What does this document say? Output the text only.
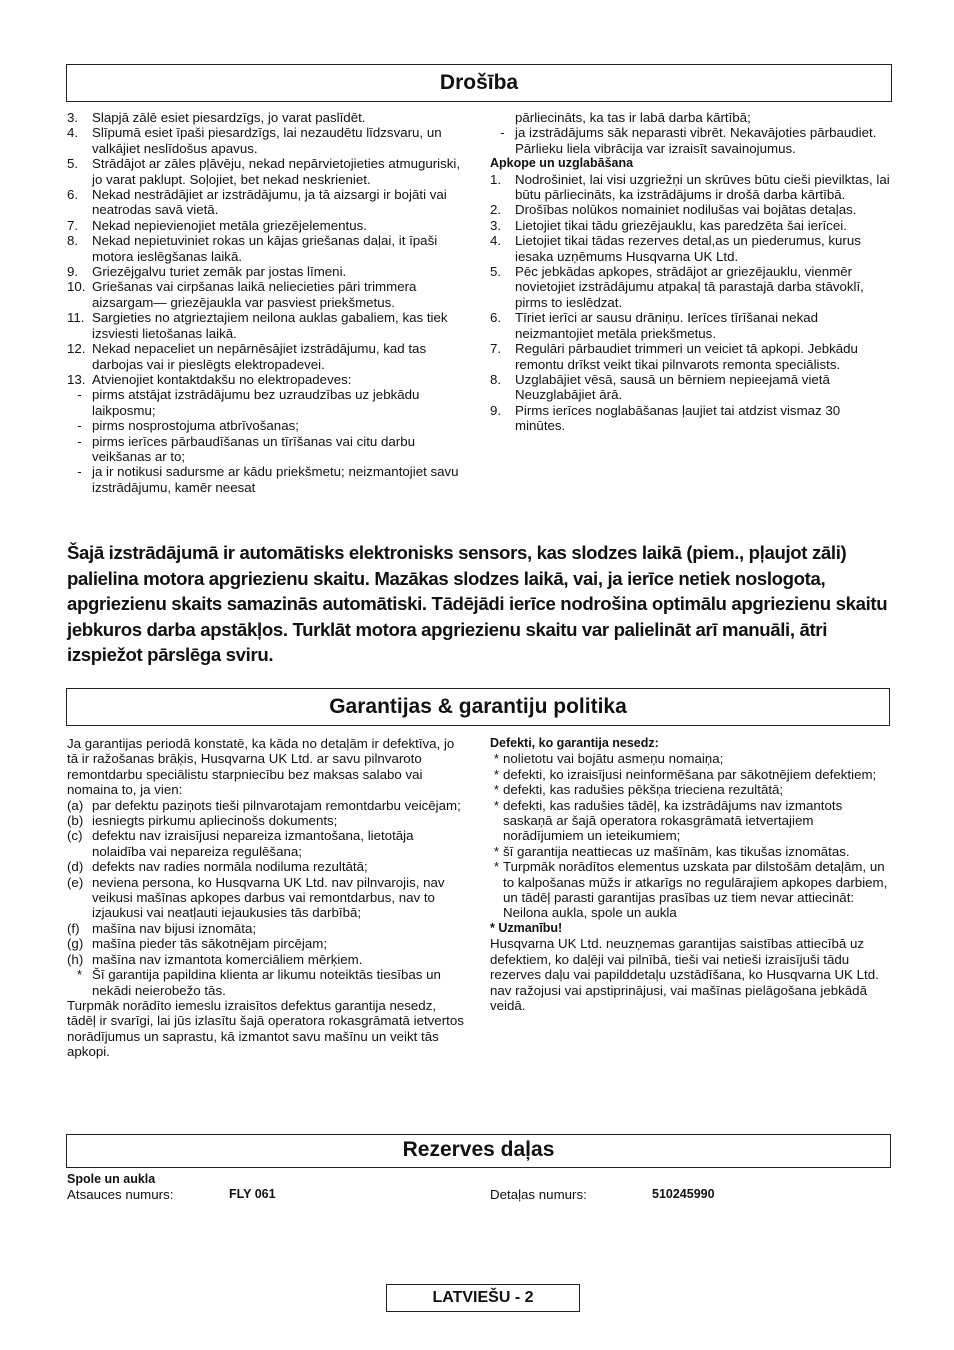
Drošība
3.	Slapjā zālē esiet piesardzīgs, jo varat paslīdēt.
4.	Slīpumā esiet īpaši piesardzīgs, lai nezaudētu līdzsvaru, un valkājiet neslīdošus apavus.
5.	Strādājot ar zāles pļāvēju, nekad nepārvietojieties atmuguriski, jo varat paklupt. Soļojiet, bet nekad neskrieniet.
6.	Nekad nestrādājiet ar izstrādājumu, ja tā aizsargi ir bojāti vai neatrodas savā vietā.
7.	Nekad nepievienojiet metāla griezējelementus.
8.	Nekad nepietuviniet rokas un kājas griešanas daļai, it īpaši motora ieslēgšanas laikā.
9.	Griezējgalvu turiet zemāk par jostas līmeni.
10. Griešanas vai cirpšanas laikā neliecieties pāri trimmera aizsargam— griezējaukla var pasviest priekšmetus.
11. Sargieties no atgrieztajiem neilona auklas gabaliem, kas tiek izsviesti lietošanas laikā.
12. Nekad nepaceliet un nepārnēsājiet izstrādājumu, kad tas darbojas vai ir pieslēgts elektropadevei.
13. Atvienojiet kontaktdakšu no elektropadeves:
- pirms atstājat izstrādājumu bez uzraudzības uz jebkādu laikposmu;
- pirms nosprostojuma atbrīvošanas;
- pirms ierīces pārbaudīšanas un tīrīšanas vai citu darbu veikšanas ar to;
- ja ir notikusi sadursme ar kādu priekšmetu; neizmantojiet savu izstrādājumu, kamēr neesat
pārliecināts, ka tas ir labā darba kārtībā;
- ja izstrādājums sāk neparasti vibrēt. Nekavājoties pārbaudiet. Pārlieku liela vibrācija var izraisīt savainojumus.
Apkope un uzglabāšana
1.	Nodrošiniet, lai visi uzgriežņi un skrūves būtu cieši pievilktas, lai būtu pārliecināts, ka izstrādājums ir drošā darba kārtībā.
2.	Drošības nolūkos nomainiet nodilušas vai bojātas detaļas.
3.	Lietojiet tikai tādu griezējauklu, kas paredzēta šai ierīcei.
4.	Lietojiet tikai tādas rezerves detal,as un piederumus, kurus iesaka uzņēmums Husqvarna UK Ltd.
5.	Pēc jebkādas apkopes, strādājot ar griezējauklu, vienmēr novietojiet izstrādājumu atpakaļ tā parastajā darba stāvoklī, pirms to ieslēdzat.
6.	Tīriet ierīci ar sausu drāniņu. Ierīces tīrīšanai nekad neizmantojiet metāla priekšmetus.
7.	Regulāri pārbaudiet trimmeri un veiciet tā apkopi. Jebkādu remontu drīkst veikt tikai pilnvarots remonta speciālists.
8.	Uzglabājiet vēsā, sausā un bērniem nepieejamā vietā Neuzglabājiet ārā.
9.	Pirms ierīces noglabāšanas ļaujiet tai atdzist vismaz 30 minūtes.
Šajā izstrādājumā ir automātisks elektronisks sensors, kas slodzes laikā (piem., pļaujot zāli) palielina motora apgriezienu skaitu. Mazākas slodzes laikā, vai, ja ierīce netiek noslogota, apgriezienu skaits samazinās automātiski. Tādējādi ierīce nodrošina optimālu apgriezienu skaitu jebkuros darba apstākļos. Turklāt motora apgriezienu skaitu var palielināt arī manuāli, ātri izspiežot pārslēga sviru.
Garantijas & garantiju politika
Ja garantijas periodā konstatē, ka kāda no detaļām ir defektīva, jo tā ir ražošanas brāķis, Husqvarna UK Ltd. ar savu pilnvaroto remontdarbu speciālistu starpniecību bez maksas salabo vai nomaina to, ja vien:
(a) par defektu paziņots tieši pilnvarotajam remontdarbu veicējam;
(b) iesniegts pirkumu apliecinošs dokuments;
(c) defektu nav izraisījusi nepareiza izmantošana, lietotāja nolaidība vai nepareiza regulēšana;
(d) defekts nav radies normāla nodiluma rezultātā;
(e) neviena persona, ko Husqvarna UK Ltd. nav pilnvarojis, nav veikusi mašīnas apkopes darbus vai remontdarbus, nav to izjaukusi vai neatļauti iejaukusies tās darbībā;
(f) mašīna nav bijusi iznomāta;
(g) mašīna pieder tās sākotnējam pircējam;
(h) mašīna nav izmantota komerciāliem mērķiem.
* Šī garantija papildina klienta ar likumu noteiktās tiesības un nekādi neierobežo tās.
Turpmāk norādīto iemeslu izraisītos defektus garantija nesedz, tādēļ ir svarīgi, lai jūs izlasītu šajā operatora rokasgrāmatā ietvertos norādījumus un saprastu, kā izmantot savu mašīnu un veikt tās apkopi.
Defekti, ko garantija nesedz:
* nolietotu vai bojātu asmeņu nomaiņa;
* defekti, ko izraisījusi neinformēšana par sākotnējiem defektiem;
* defekti, kas radušies pēkšņa trieciena rezultātā;
* defekti, kas radušies tādēļ, ka izstrādājums nav izmantots saskaņā ar šajā operatora rokasgrāmatā ietvertajiem norādījumiem un ieteikumiem;
* šī garantija neattiecas uz mašīnām, kas tikušas iznomātas.
* Turpmāk norādītos elementus uzskata par dilstošām detaļām, un to kalpošanas mūžs ir atkarīgs no regulārajiem apkopes darbiem, un tādēļ parasti garantijas prasības uz tiem nevar attiecināt: Neilona aukla, spole un aukla
* Uzmanību!
Husqvarna UK Ltd. neuzņemas garantijas saistības attiecībā uz defektiem, ko daļēji vai pilnībā, tieši vai netieši izraisījuši tādu rezerves daļu vai papilddetaļu uzstādīšana, ko Husqvarna UK Ltd. nav ražojusi vai apstiprinājusi, vai mašīnas pielāgošana jebkādā veidā.
Rezerves daļas
Spole un aukla
Atsauces numurs:	FLY 061	Detaļas numurs:	510245990
LATVIEŠU - 2
